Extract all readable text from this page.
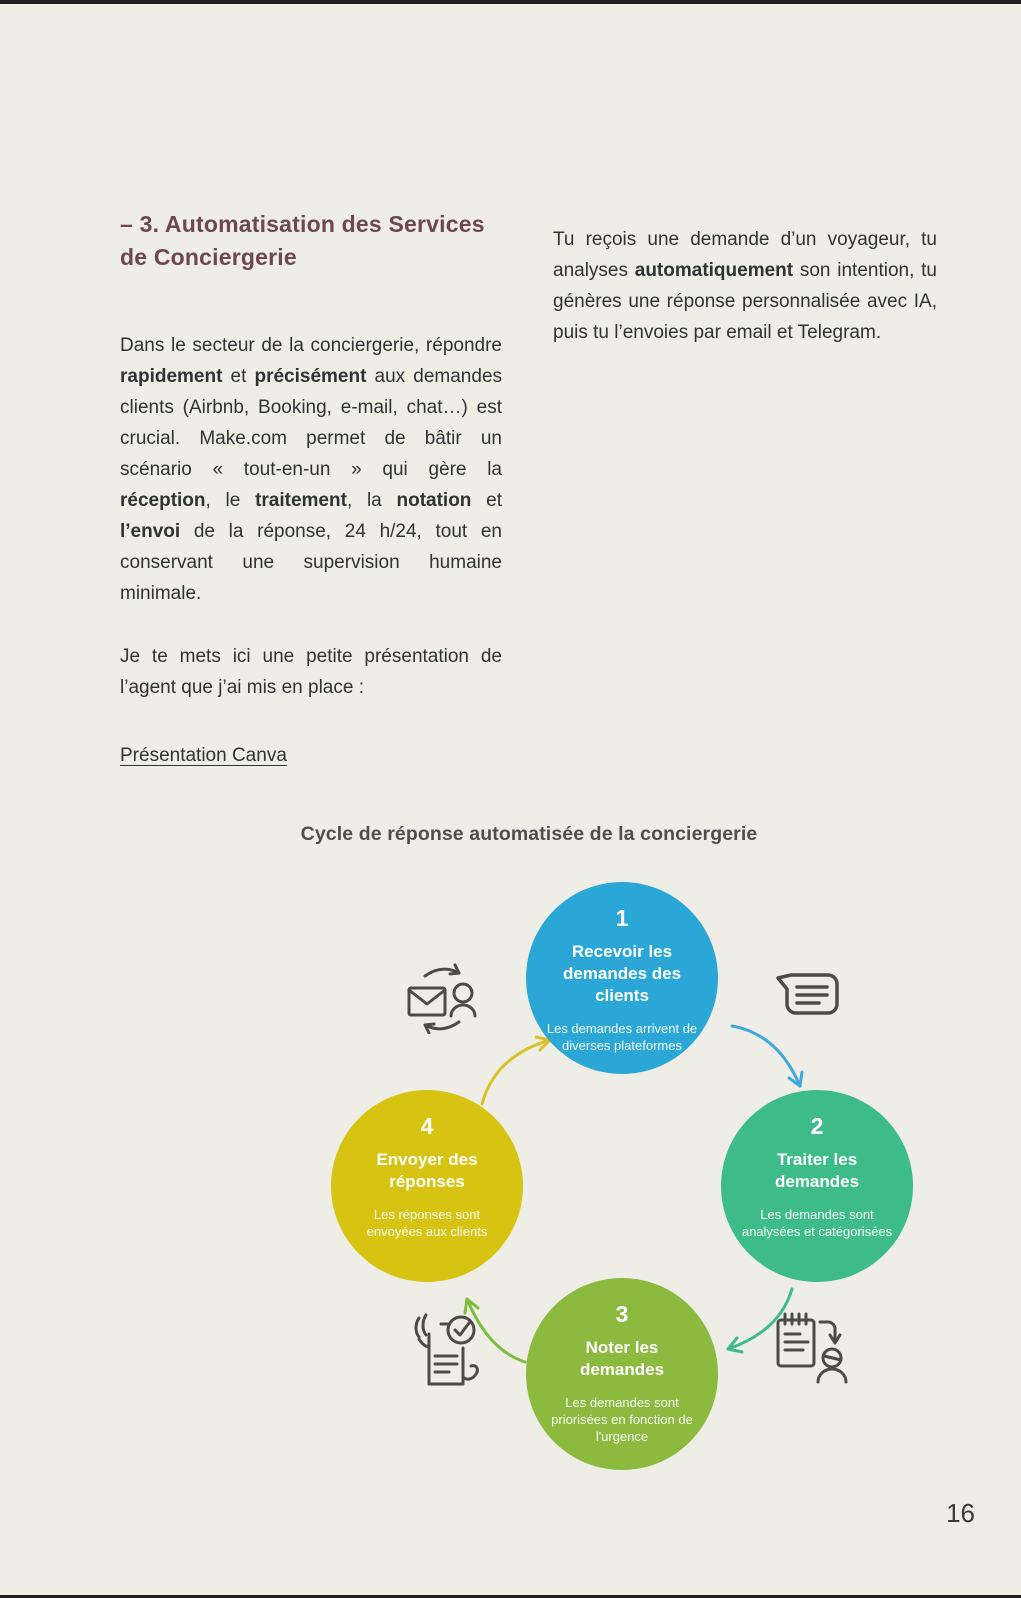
– 3. Automatisation des Services de Conciergerie

Dans le secteur de la conciergerie, répondre rapidement et précisément aux demandes clients (Airbnb, Booking, e-mail, chat…) est crucial. Make.com permet de bâtir un scénario « tout-en-un » qui gère la réception, le traitement, la notation et l’envoi de la réponse, 24 h/24, tout en conservant une supervision humaine minimale.

Je te mets ici une petite présentation de l’agent que j’ai mis en place :

Présentation Canva

Tu reçois une demande d’un voyageur, tu analyses automatiquement son intention, tu génères une réponse personnalisée avec IA, puis tu l’envoies par email et Telegram.

Cycle de réponse automatisée de la conciergerie
1
Recevoir les demandes des clients
Les demandes arrivent de diverses plateformes
2
Traiter les demandes
Les demandes sont analysées et catégorisées
3
Noter les demandes
Les demandes sont priorisées en fonction de l'urgence
4
Envoyer des réponses
Les réponses sont envoyées aux clients
16
